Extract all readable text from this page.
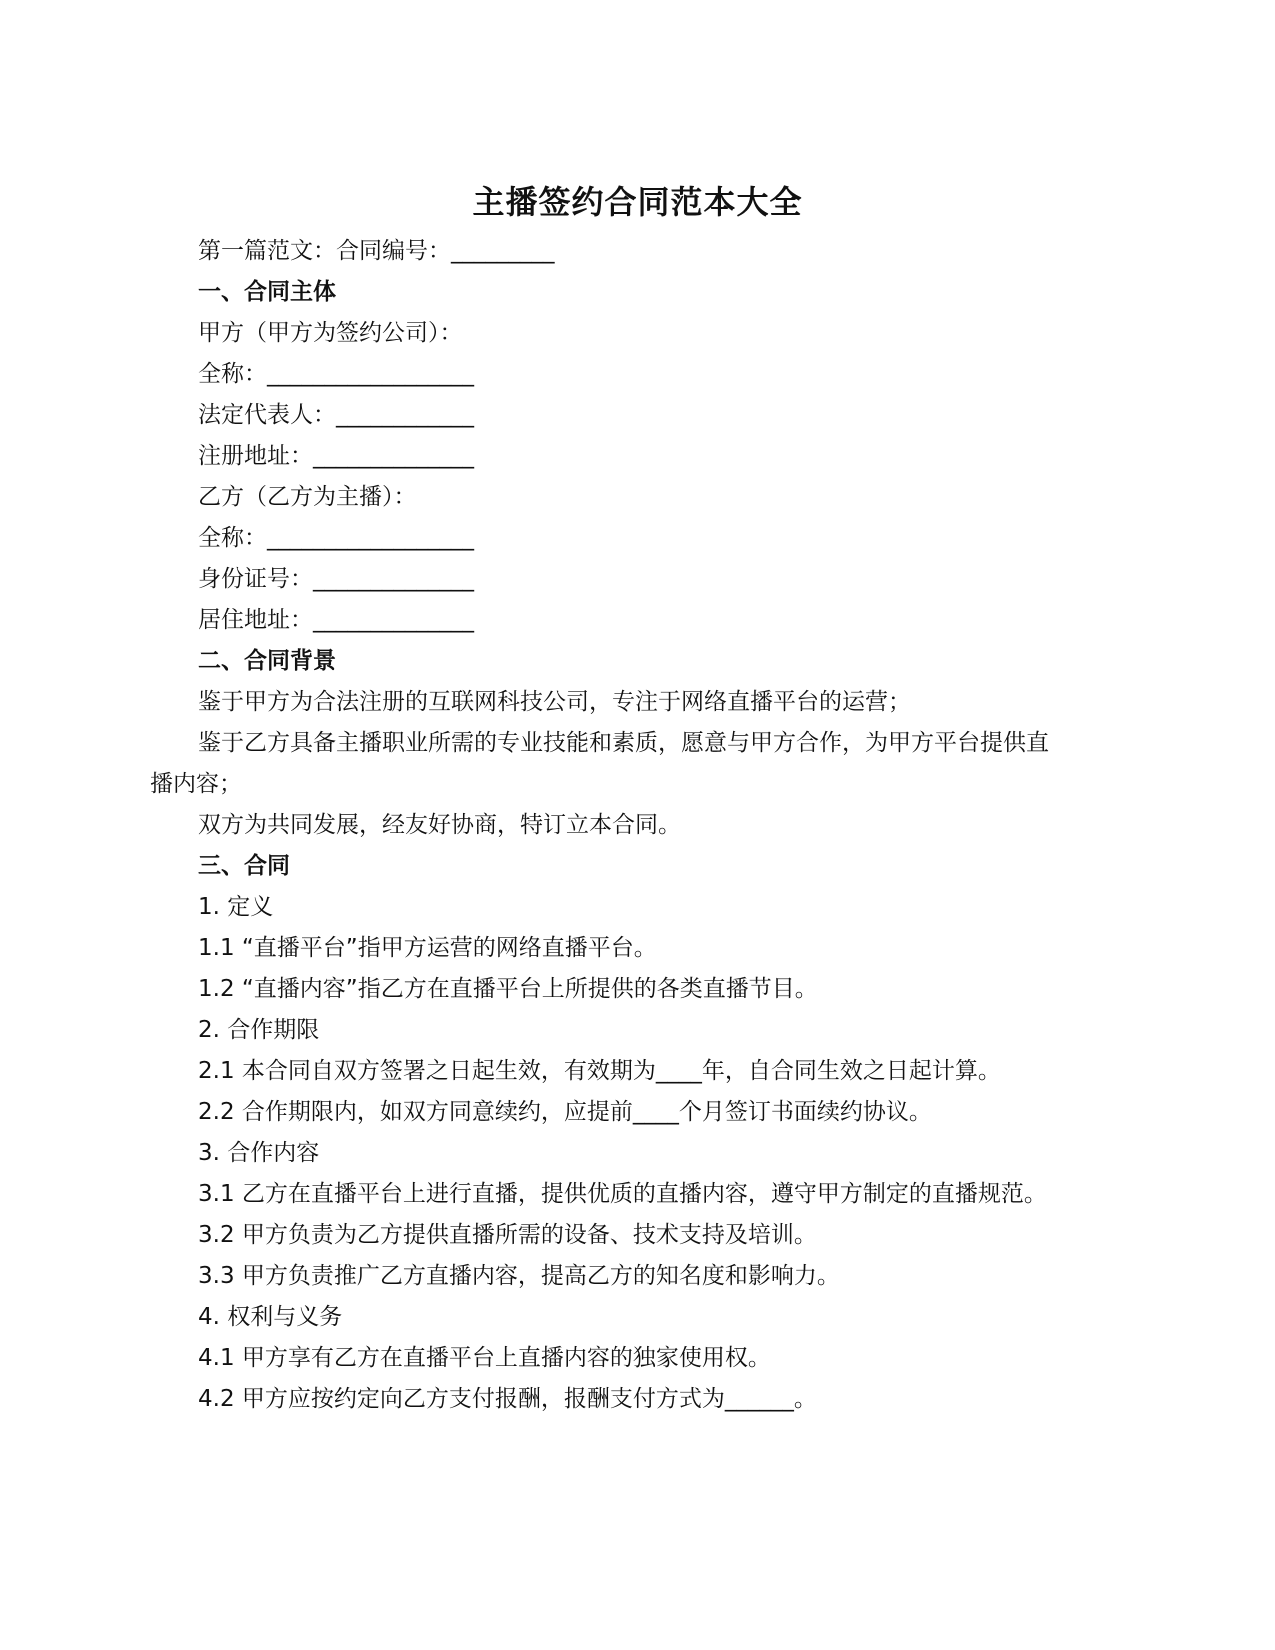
主播签约合同范本大全
第一篇范文：合同编号：_________
一、合同主体
甲方（甲方为签约公司）：
全称：__________________
法定代表人：____________
注册地址：______________
乙方（乙方为主播）：
全称：__________________
身份证号：______________
居住地址：______________
二、合同背景
鉴于甲方为合法注册的互联网科技公司，专注于网络直播平台的运营；
鉴于乙方具备主播职业所需的专业技能和素质，愿意与甲方合作，为甲方平台提供直
播内容；
双方为共同发展，经友好协商，特订立本合同。
三、合同
1. 定义
1.1 “直播平台”指甲方运营的网络直播平台。
1.2 “直播内容”指乙方在直播平台上所提供的各类直播节目。
2. 合作期限
2.1 本合同自双方签署之日起生效，有效期为____年，自合同生效之日起计算。
2.2 合作期限内，如双方同意续约，应提前____个月签订书面续约协议。
3. 合作内容
3.1 乙方在直播平台上进行直播，提供优质的直播内容，遵守甲方制定的直播规范。
3.2 甲方负责为乙方提供直播所需的设备、技术支持及培训。
3.3 甲方负责推广乙方直播内容，提高乙方的知名度和影响力。
4. 权利与义务
4.1 甲方享有乙方在直播平台上直播内容的独家使用权。
4.2 甲方应按约定向乙方支付报酬，报酬支付方式为______。
